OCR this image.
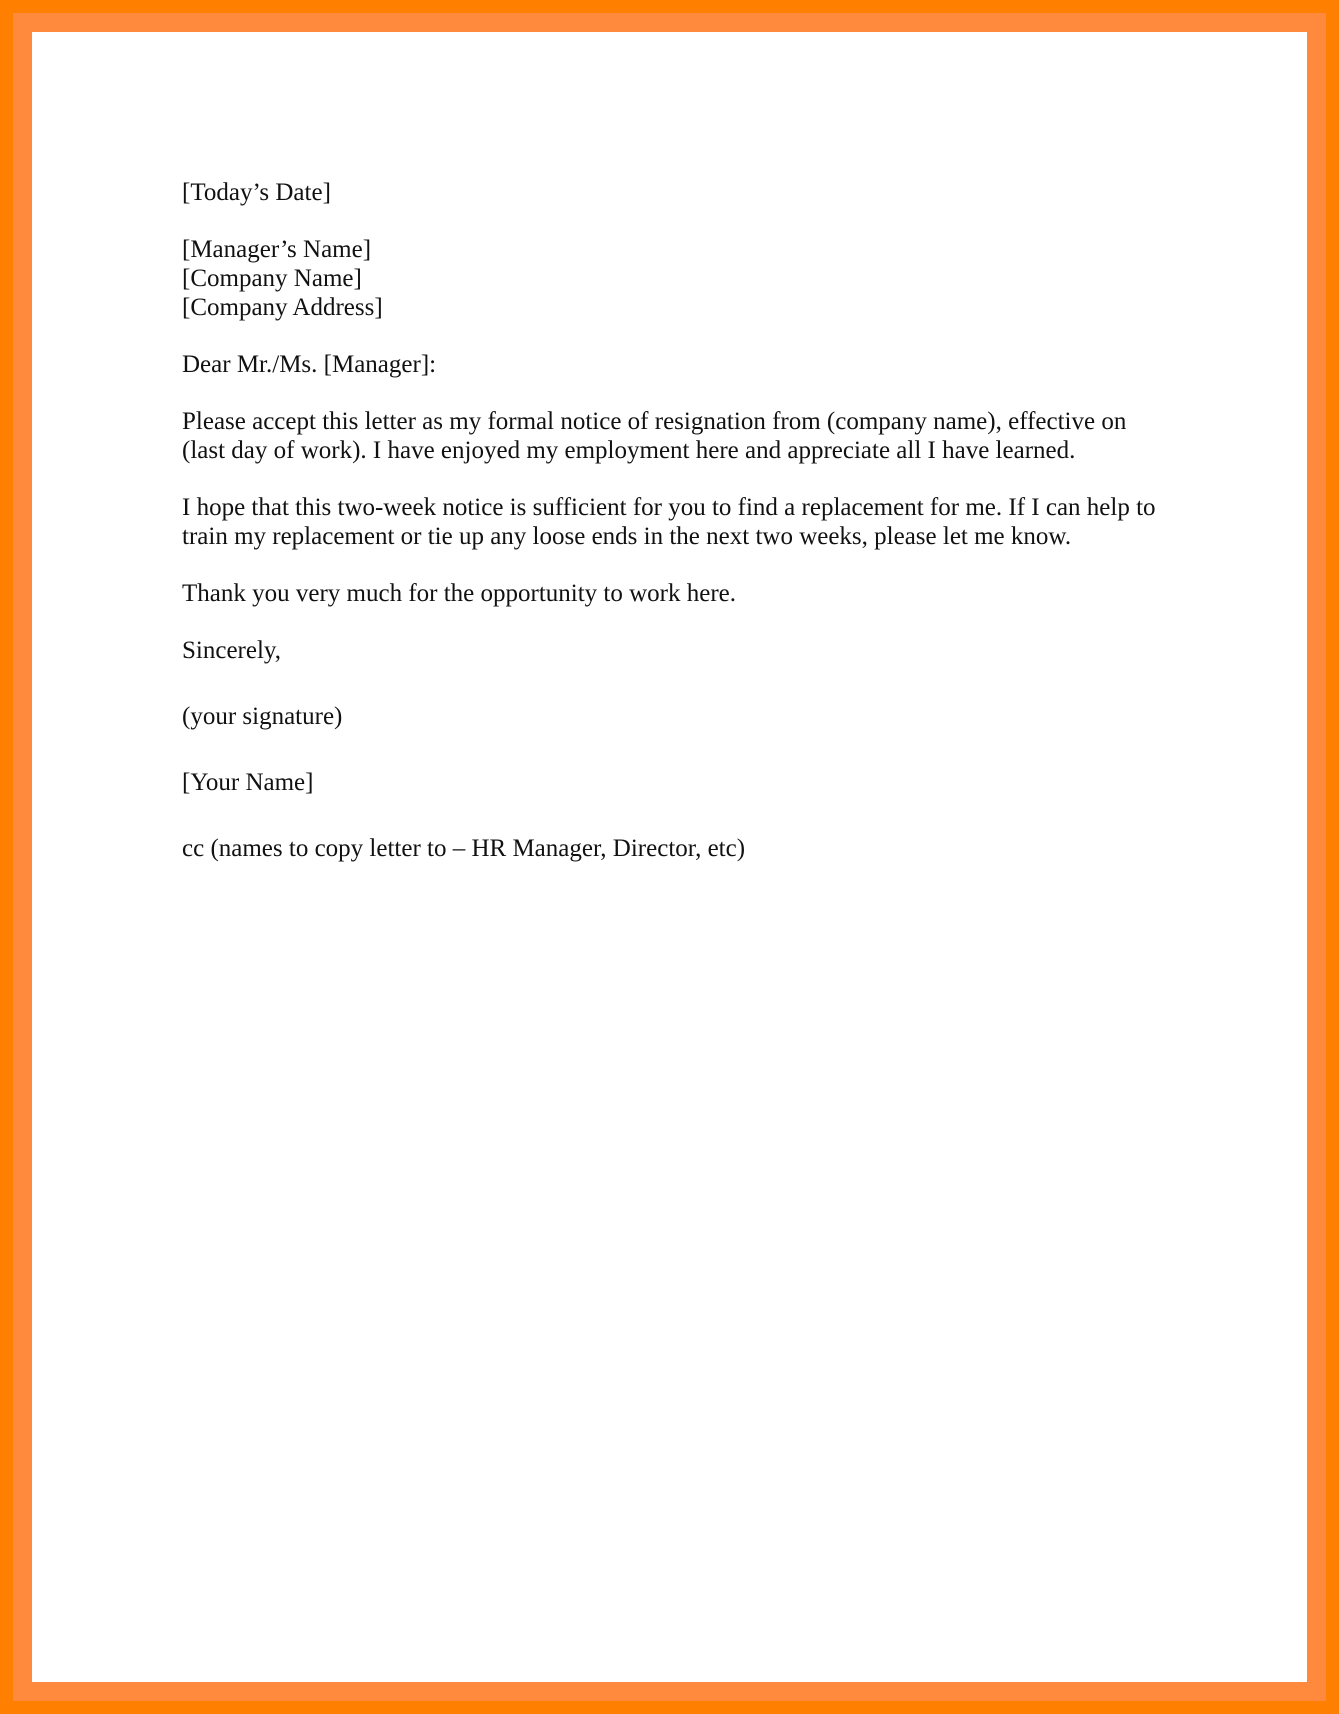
[Today’s Date]
[Manager’s Name]
[Company Name]
[Company Address]
Dear Mr./Ms. [Manager]:
Please accept this letter as my formal notice of resignation from (company name), effective on
(last day of work). I have enjoyed my employment here and appreciate all I have learned.
I hope that this two-week notice is sufficient for you to find a replacement for me. If I can help to
train my replacement or tie up any loose ends in the next two weeks, please let me know.
Thank you very much for the opportunity to work here.
Sincerely,
(your signature)
[Your Name]
cc (names to copy letter to – HR Manager, Director, etc)
